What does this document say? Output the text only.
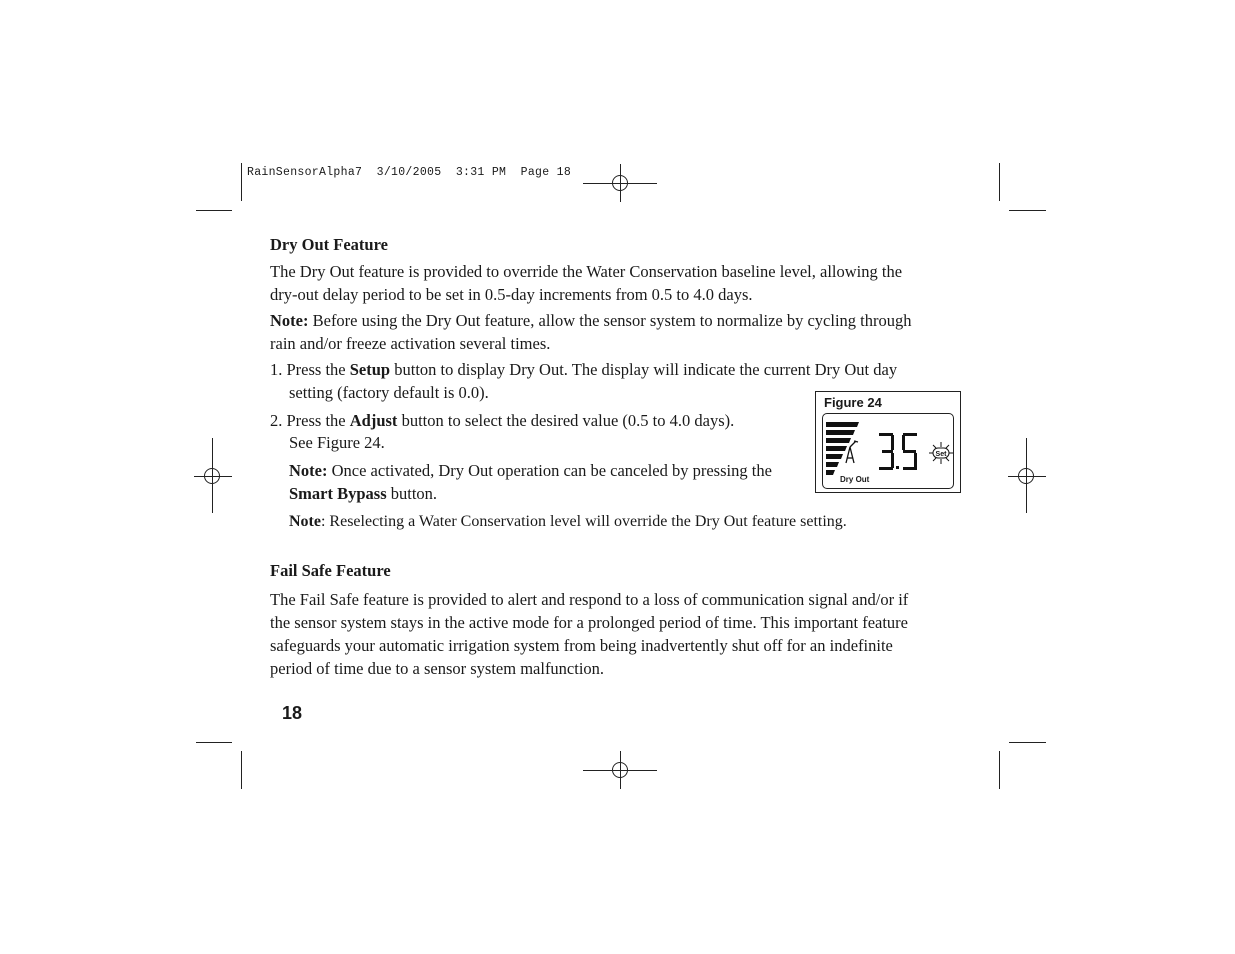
RainSensorAlpha7  3/10/2005  3:31 PM  Page 18
Dry Out Feature
The Dry Out feature is provided to override the Water Conservation baseline level, allowing the
dry-out delay period to be set in 0.5-day increments from 0.5 to 4.0 days.
Note: Before using the Dry Out feature, allow the sensor system to normalize by cycling through
rain and/or freeze activation several times.
1. Press the Setup button to display Dry Out. The display will indicate the current Dry Out day
setting (factory default is 0.0).
2. Press the Adjust button to select the desired value (0.5 to 4.0 days).
See Figure 24.
Note: Once activated, Dry Out operation can be canceled by pressing the
Smart Bypass button.
Note: Reselecting a Water Conservation level will override the Dry Out feature setting.
Figure 24
3.5
Set
Dry Out
Fail Safe Feature
The Fail Safe feature is provided to alert and respond to a loss of communication signal and/or if
the sensor system stays in the active mode for a prolonged period of time. This important feature
safeguards your automatic irrigation system from being inadvertently shut off for an indefinite
period of time due to a sensor system malfunction.
18
